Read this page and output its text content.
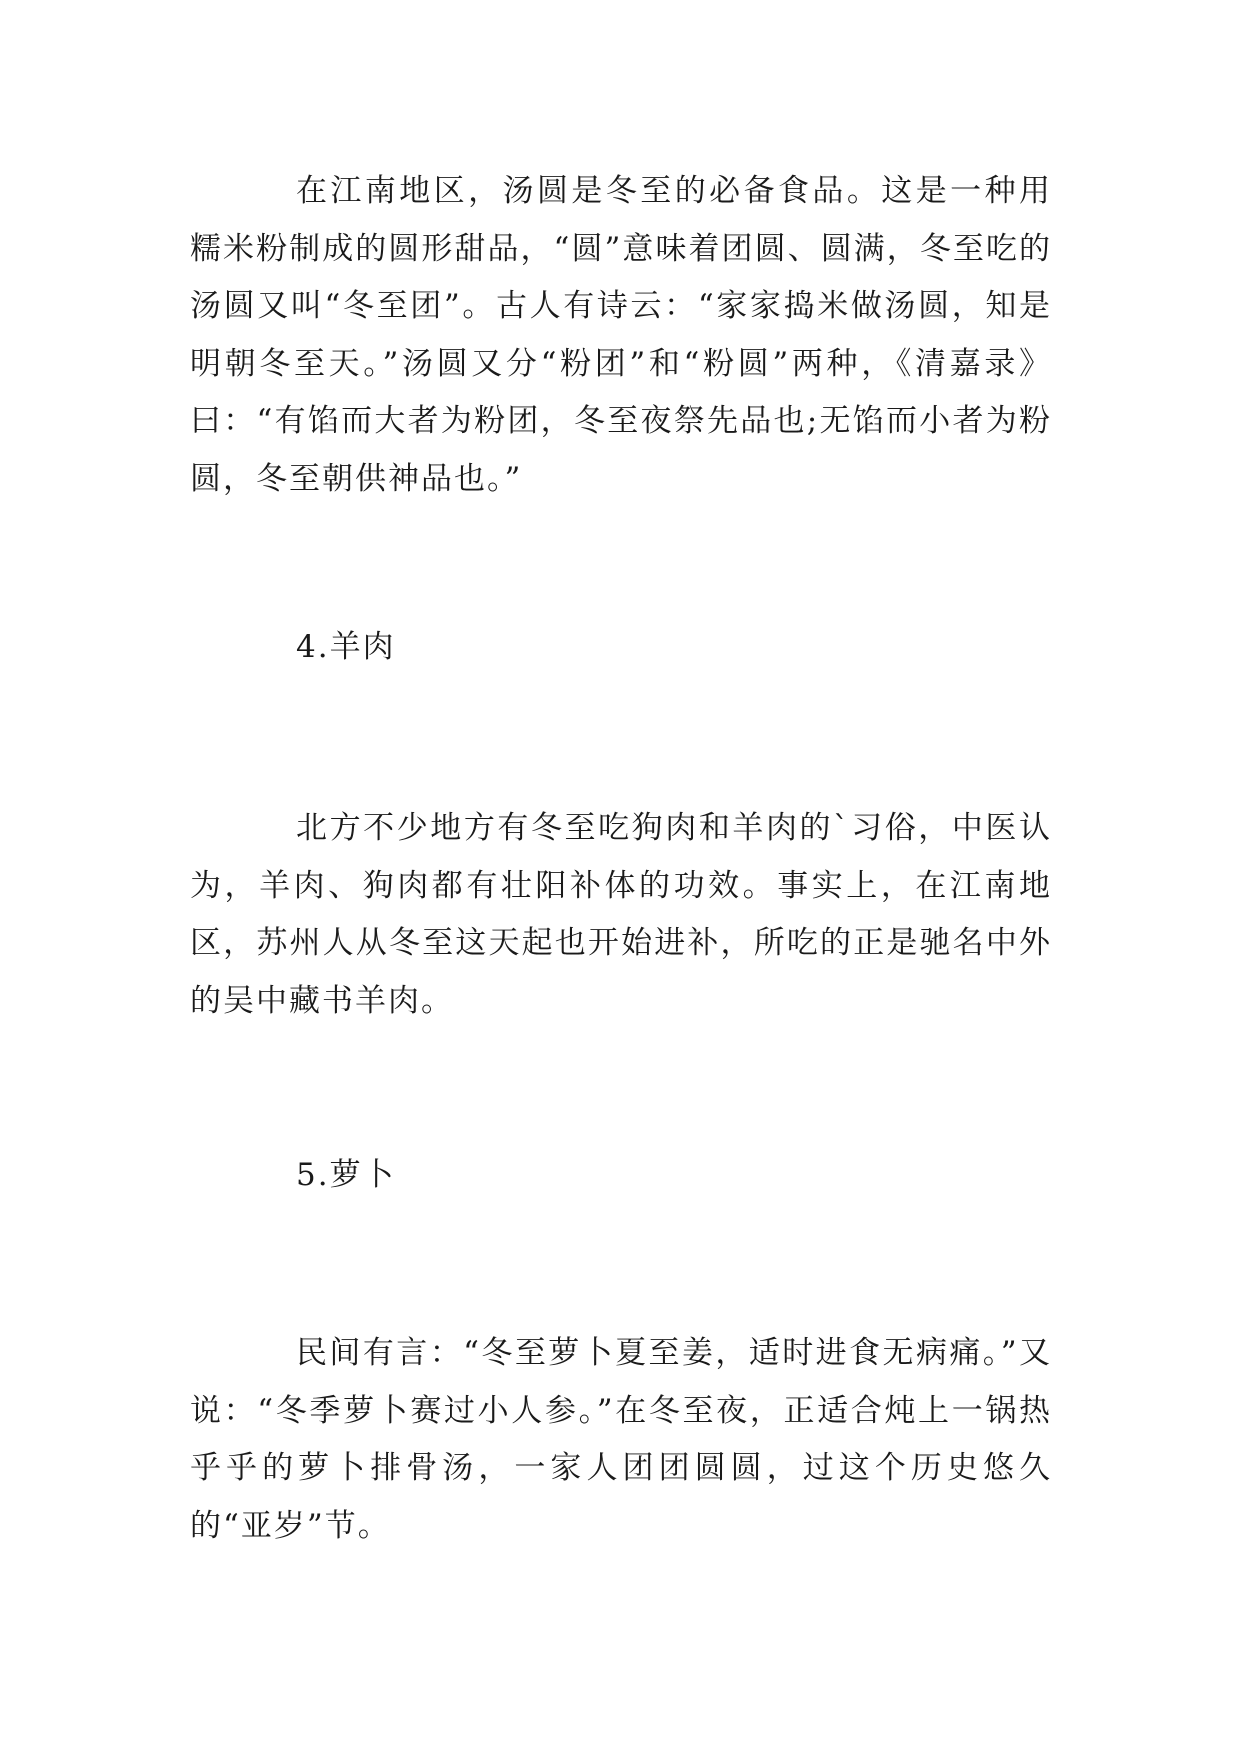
在江南地区，汤圆是冬至的必备食品。这是一种用糯米粉制成的圆形甜品，“圆”意味着团圆、圆满，冬至吃的汤圆又叫“冬至团”。古人有诗云：“家家捣米做汤圆，知是明朝冬至天。”汤圆又分“粉团”和“粉圆”两种，《清嘉录》曰：“有馅而大者为粉团，冬至夜祭先品也;无馅而小者为粉圆，冬至朝供神品也。”

4.羊肉

北方不少地方有冬至吃狗肉和羊肉的`习俗，中医认为，羊肉、狗肉都有壮阳补体的功效。事实上，在江南地区，苏州人从冬至这天起也开始进补，所吃的正是驰名中外的吴中藏书羊肉。

5.萝卜

民间有言：“冬至萝卜夏至姜，适时进食无病痛。”又说：“冬季萝卜赛过小人参。”在冬至夜，正适合炖上一锅热乎乎的萝卜排骨汤，一家人团团圆圆，过这个历史悠久的“亚岁”节。
